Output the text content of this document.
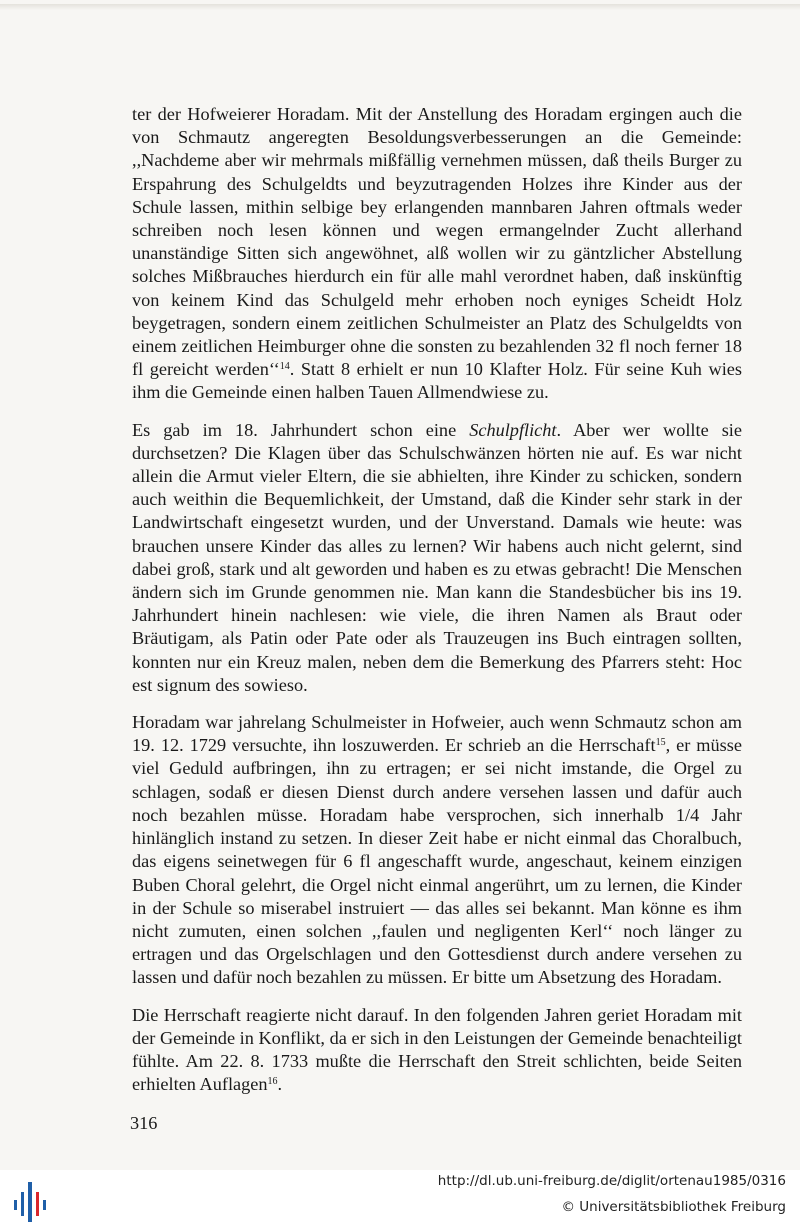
ter der Hofweierer Horadam. Mit der Anstellung des Horadam ergingen auch die von Schmautz angeregten Besoldungsverbesserungen an die Gemeinde: ,,Nachdeme aber wir mehrmals mißfällig vernehmen müssen, daß theils Burger zu Erspahrung des Schulgeldts und beyzutragenden Holzes ihre Kinder aus der Schule lassen, mithin selbige bey erlangenden mannbaren Jahren oftmals weder schreiben noch lesen können und wegen ermangelnder Zucht allerhand unanständige Sitten sich angewöhnet, alß wollen wir zu gäntzlicher Abstellung solches Mißbrauches hierdurch ein für alle mahl verordnet haben, daß inskünftig von keinem Kind das Schulgeld mehr erhoben noch eyniges Scheidt Holz beygetragen, sondern einem zeitlichen Schulmeister an Platz des Schulgeldts von einem zeitlichen Heimburger ohne die sonsten zu bezahlenden 32 fl noch ferner 18 fl gereicht werden‘‘$^{14}$. Statt 8 erhielt er nun 10 Klafter Holz. Für seine Kuh wies ihm die Gemeinde einen halben Tauen Allmendwiese zu.

Es gab im 18. Jahrhundert schon eine Schulpflicht. Aber wer wollte sie durchsetzen? Die Klagen über das Schulschwänzen hörten nie auf. Es war nicht allein die Armut vieler Eltern, die sie abhielten, ihre Kinder zu schicken, sondern auch weithin die Bequemlichkeit, der Umstand, daß die Kinder sehr stark in der Landwirtschaft eingesetzt wurden, und der Unverstand. Damals wie heute: was brauchen unsere Kinder das alles zu lernen? Wir habens auch nicht gelernt, sind dabei groß, stark und alt geworden und haben es zu etwas gebracht! Die Menschen ändern sich im Grunde genommen nie. Man kann die Standesbücher bis ins 19. Jahrhundert hinein nachlesen: wie viele, die ihren Namen als Braut oder Bräutigam, als Patin oder Pate oder als Trauzeugen ins Buch eintragen sollten, konnten nur ein Kreuz malen, neben dem die Bemerkung des Pfarrers steht: Hoc est signum des sowieso.

Horadam war jahrelang Schulmeister in Hofweier, auch wenn Schmautz schon am 19. 12. 1729 versuchte, ihn loszuwerden. Er schrieb an die Herrschaft$^{15}$, er müsse viel Geduld aufbringen, ihn zu ertragen; er sei nicht imstande, die Orgel zu schlagen, sodaß er diesen Dienst durch andere versehen lassen und dafür auch noch bezahlen müsse. Horadam habe versprochen, sich innerhalb 1/4 Jahr hinlänglich instand zu setzen. In dieser Zeit habe er nicht einmal das Choralbuch, das eigens seinetwegen für 6 fl angeschafft wurde, angeschaut, keinem einzigen Buben Choral gelehrt, die Orgel nicht einmal angerührt, um zu lernen, die Kinder in der Schule so miserabel instruiert — das alles sei bekannt. Man könne es ihm nicht zumuten, einen solchen ,,faulen und negligenten Kerl‘‘ noch länger zu ertragen und das Orgelschlagen und den Gottesdienst durch andere versehen zu lassen und dafür noch bezahlen zu müssen. Er bitte um Absetzung des Horadam.

Die Herrschaft reagierte nicht darauf. In den folgenden Jahren geriet Horadam mit der Gemeinde in Konflikt, da er sich in den Leistungen der Gemeinde benachteiligt fühlte. Am 22. 8. 1733 mußte die Herrschaft den Streit schlichten, beide Seiten erhielten Auflagen$^{16}$.

316
http://dl.ub.uni-freiburg.de/diglit/ortenau1985/0316
© Universitätsbibliothek Freiburg
